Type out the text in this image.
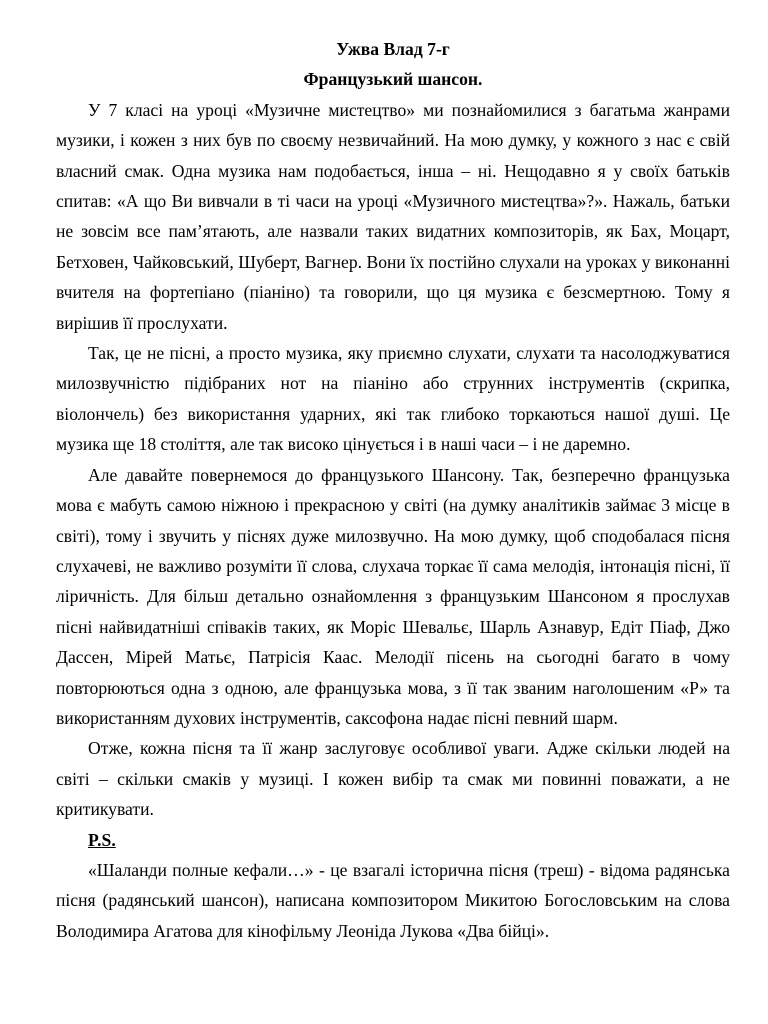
Ужва Влад 7-г

Французький шансон.

У 7 класі на уроці «Музичне мистецтво» ми познайомилися з багатьма жанрами музики, і кожен з них був по своєму незвичайний. На мою думку, у кожного з нас є свій власний смак. Одна музика нам подобається, інша – ні. Нещодавно я у своїх батьків спитав: «А що Ви вивчали в ті часи на уроці «Музичного мистецтва»?». Нажаль, батьки не зовсім все пам’ятають, але назвали таких видатних композиторів, як Бах, Моцарт, Бетховен, Чайковський, Шуберт, Вагнер. Вони їх постійно слухали на уроках у виконанні вчителя на фортепіано (піаніно) та говорили, що ця музика є безсмертною. Тому я вирішив її прослухати.

Так, це не пісні, а просто музика, яку приємно слухати, слухати та насолоджуватися милозвучністю підібраних нот на піаніно або струнних інструментів (скрипка, віолончель) без використання ударних, які так глибоко торкаються нашої душі. Це музика ще 18 століття, але так високо цінується і в наші часи – і не даремно.

Але давайте повернемося до французького Шансону. Так, безперечно французька мова є мабуть самою ніжною і прекрасною у світі (на думку аналітиків займає 3 місце в світі), тому і звучить у піснях дуже милозвучно. На мою думку, щоб сподобалася пісня слухачеві, не важливо розуміти її слова, слухача торкає її сама мелодія, інтонація пісні, її ліричність. Для більш детально ознайомлення з французьким Шансоном я прослухав пісні найвидатніші співаків таких, як Моріс Шевальє, Шарль Азнавур, Едіт Піаф, Джо Дассен, Мірей Матьє, Патрісія Каас. Мелодії пісень на сьогодні багато в чому повторюються одна з одною, але французька мова, з її так званим наголошеним «Р» та використанням духових інструментів, саксофона надає пісні певний шарм.

Отже, кожна пісня та її жанр заслуговує особливої уваги. Адже скільки людей на світі – скільки смаків у музиці. І кожен вибір та смак ми повинні поважати, а не критикувати.

P.S.

«Шаланди полные кефали…» - це взагалі історична пісня (треш) - відома радянська пісня (радянський шансон), написана композитором Микитою Богословським на слова Володимира Агатова для кінофільму Леоніда Лукова «Два бійці».
